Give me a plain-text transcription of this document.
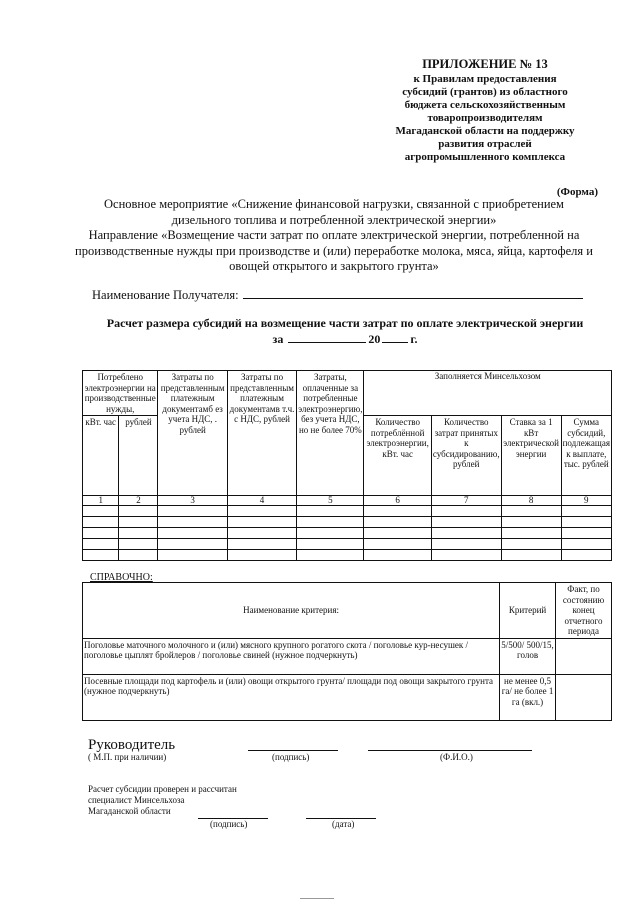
ПРИЛОЖЕНИЕ № 13
к Правилам предоставления
субсидий (грантов) из областного
бюджета сельскохозяйственным
товаропроизводителям
Магаданской области на поддержку
развития отраслей
агропромышленного комплекса
(Форма)
Основное мероприятие «Снижение финансовой нагрузки, связанной с приобретением дизельного топлива и потребленной электрической энергии»
Направление «Возмещение части затрат по оплате электрической энергии, потребленной на производственные нужды при производстве и (или) переработке молока, мяса, яйца, картофеля и овощей открытого и закрытого грунта»
Наименование Получателя:
Расчет размера субсидий на возмещение части затрат по оплате электрической энергии
за	20	г.
Потреблено электроэнергии на производственные нужды,		Затраты по представленным платежным документамб ез учета НДС, . рублей	Затраты по представленным платежным документамв т.ч. с НДС, рублей	Затраты, оплаченные за потребленные электроэнергию, без учета НДС, но не более 70%	Заполняется Минсельхозом			
кВт. час	рублей				Количество потреблённой электроэнергии, кВт. час	Количество затрат принятых к субсидированию, рублей	Ставка за 1 кВт электрической энергии	Сумма субсидий, подлежащая к выплате, тыс. рублей
1	2	3	4	5	6	7	8	9

СПРАВОЧНО:
Наименование критерия:	Критерий	Факт, по состоянию конец отчетного периода
Поголовье маточного молочного и (или) мясного крупного рогатого скота / поголовье кур-несушек / поголовье цыплят бройлеров / поголовье свиней (нужное подчеркнуть)	5/500/ 500/15, голов	
Посевные площади под картофель и (или) овощи открытого грунта/ площади под овощи закрытого грунта (нужное подчеркнуть)	не менее 0,5 га/ не более 1 га (вкл.)	
Руководитель
( М.П. при наличии)	(подпись)	(Ф.И.О.)
Расчет субсидии проверен и рассчитан
специалист Минсельхоза
Магаданской области
(подпись)	(дата)
